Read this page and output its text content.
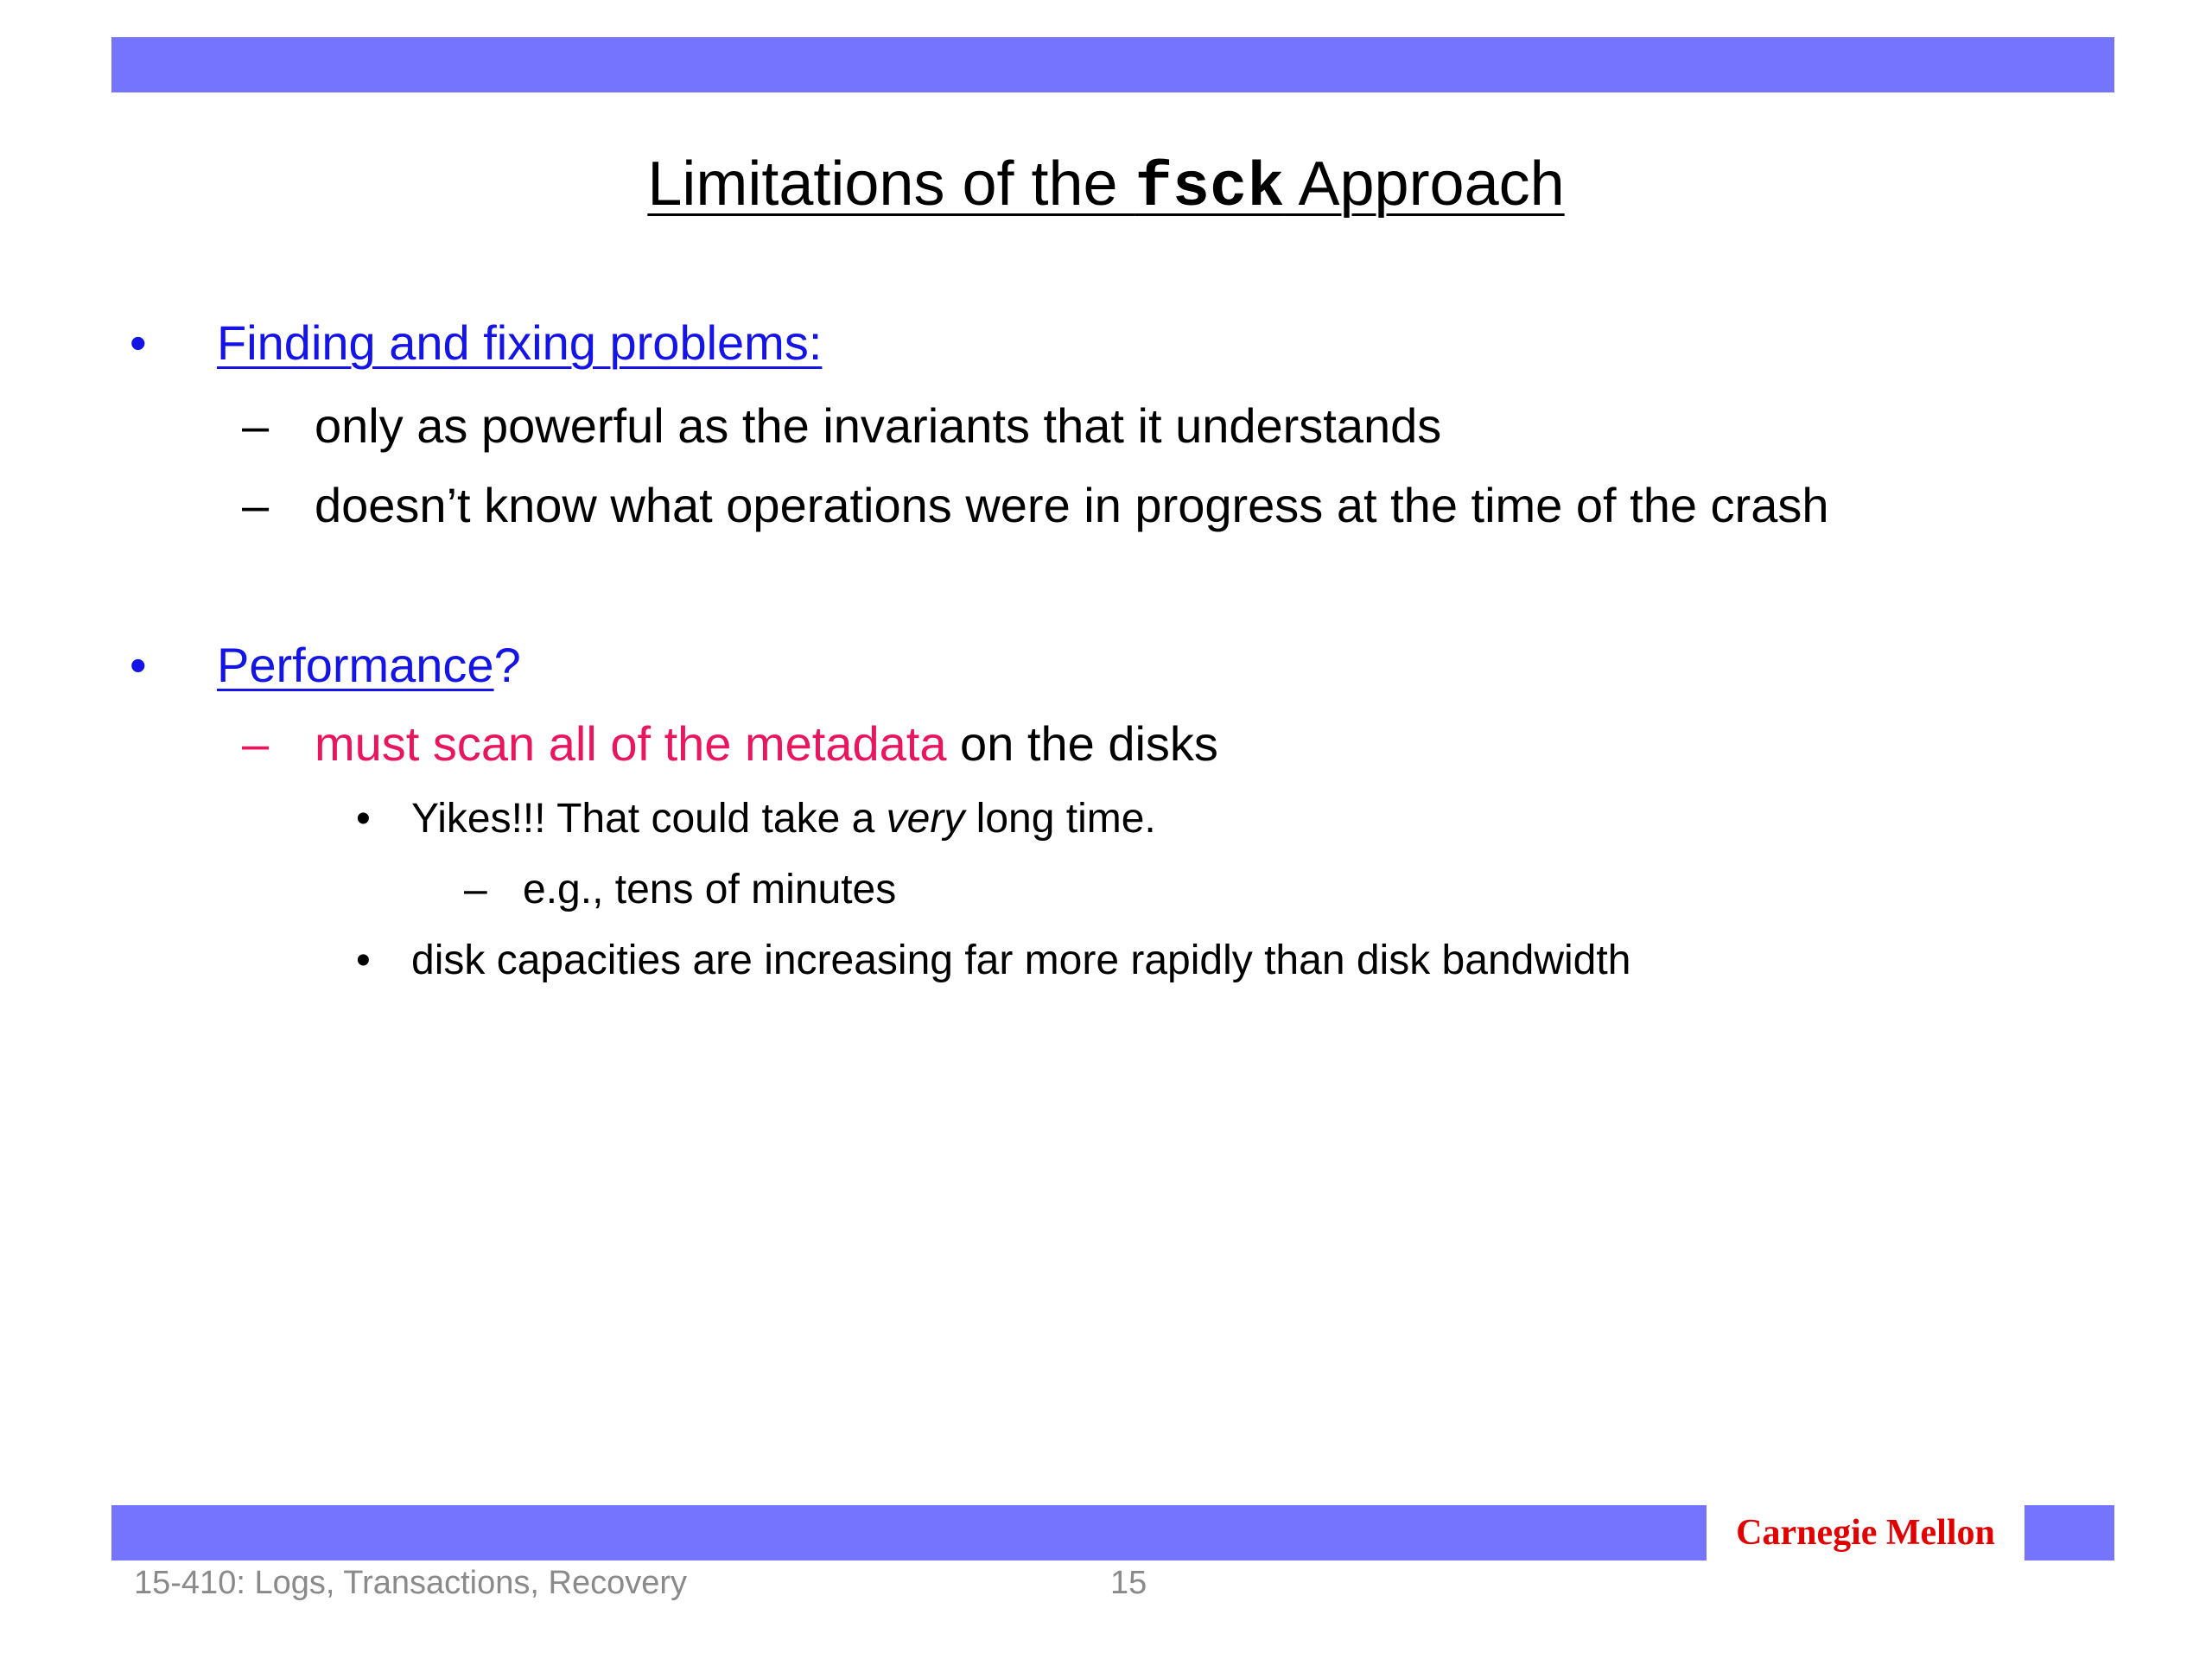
Limitations of the fsck Approach
• Finding and fixing problems:
– only as powerful as the invariants that it understands
– doesn’t know what operations were in progress at the time of the crash
• Performance?
– must scan all of the metadata on the disks
• Yikes!!! That could take a very long time.
– e.g., tens of minutes
• disk capacities are increasing far more rapidly than disk bandwidth
Carnegie Mellon
15-410: Logs, Transactions, Recovery	15
